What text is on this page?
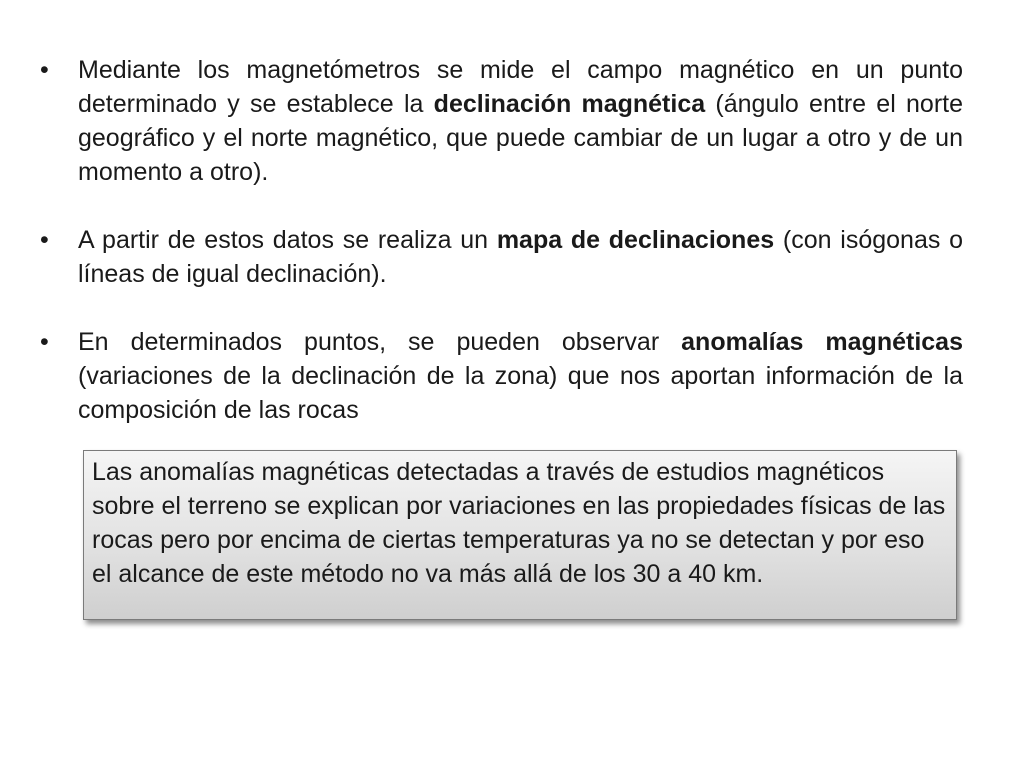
•	Mediante los magnetómetros se mide el campo magnético en un punto determinado y se establece la declinación magnética (ángulo entre el norte geográfico y el norte magnético, que puede cambiar de un lugar a otro y de un momento a otro).
•	A partir de estos datos se realiza un mapa de declinaciones (con isógonas o líneas de igual declinación).
•	En determinados puntos, se pueden observar anomalías magnéticas (variaciones de la declinación de la zona) que nos aportan información de la composición de las rocas
Las anomalías magnéticas detectadas a través de estudios magnéticos sobre el terreno se explican por variaciones en las propiedades físicas de las rocas pero por encima de ciertas temperaturas ya no se detectan y por eso el alcance de este método no va más allá de los 30 a 40 km.
